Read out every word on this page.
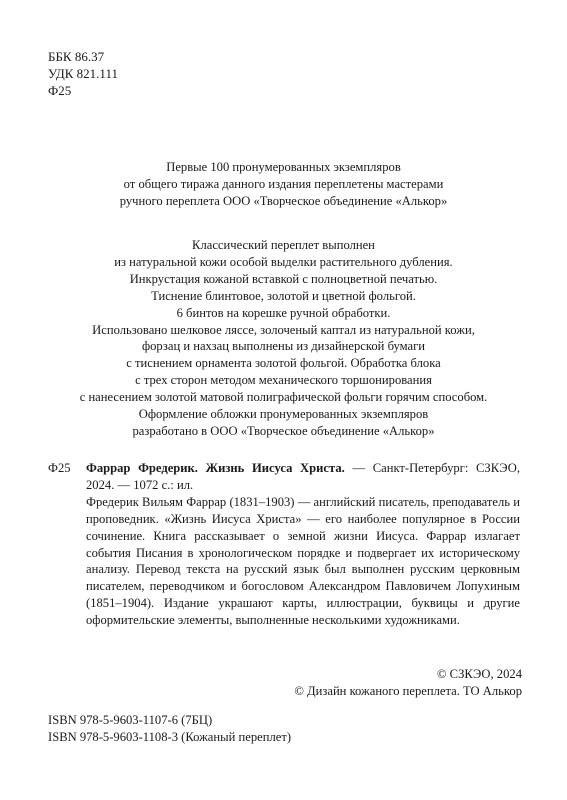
ББК 86.37
УДК 821.111
Ф25
Первые 100 пронумерованных экземпляров
от общего тиража данного издания переплетены мастерами
ручного переплета ООО «Творческое объединение «Алькор»
Классический переплет выполнен
из натуральной кожи особой выделки растительного дубления.
Инкрустация кожаной вставкой с полноцветной печатью.
Тиснение блинтовое, золотой и цветной фольгой.
6 бинтов на корешке ручной обработки.
Использовано шелковое ляссе, золоченый каптал из натуральной кожи,
форзац и нахзац выполнены из дизайнерской бумаги
с тиснением орнамента золотой фольгой. Обработка блока
с трех сторон методом механического торшонирования
с нанесением золотой матовой полиграфической фольги горячим способом.
Оформление обложки пронумерованных экземпляров
разработано в ООО «Творческое объединение «Алькор»
Ф25 Фаррар Фредерик. Жизнь Иисуса Христа. — Санкт-Петербург: СЗКЭО,
2024. — 1072 с.: ил.
Фредерик Вильям Фаррар (1831–1903) — английский писатель, преподаватель и проповедник. «Жизнь Иисуса Христа» — его наиболее популярное в России сочинение. Книга рассказывает о земной жизни Иисуса. Фаррар излагает события Писания в хронологическом порядке и подвергает их историческому анализу. Перевод текста на русский язык был выполнен русским церковным писателем, переводчиком и богословом Александром Павловичем Лопухиным (1851–1904). Издание украшают карты, иллюстрации, буквицы и другие оформительские элементы, выполненные несколькими художниками.
© СЗКЭО, 2024
© Дизайн кожаного переплета. ТО Алькор
ISBN 978-5-9603-1107-6 (7БЦ)
ISBN 978-5-9603-1108-3 (Кожаный переплет)
